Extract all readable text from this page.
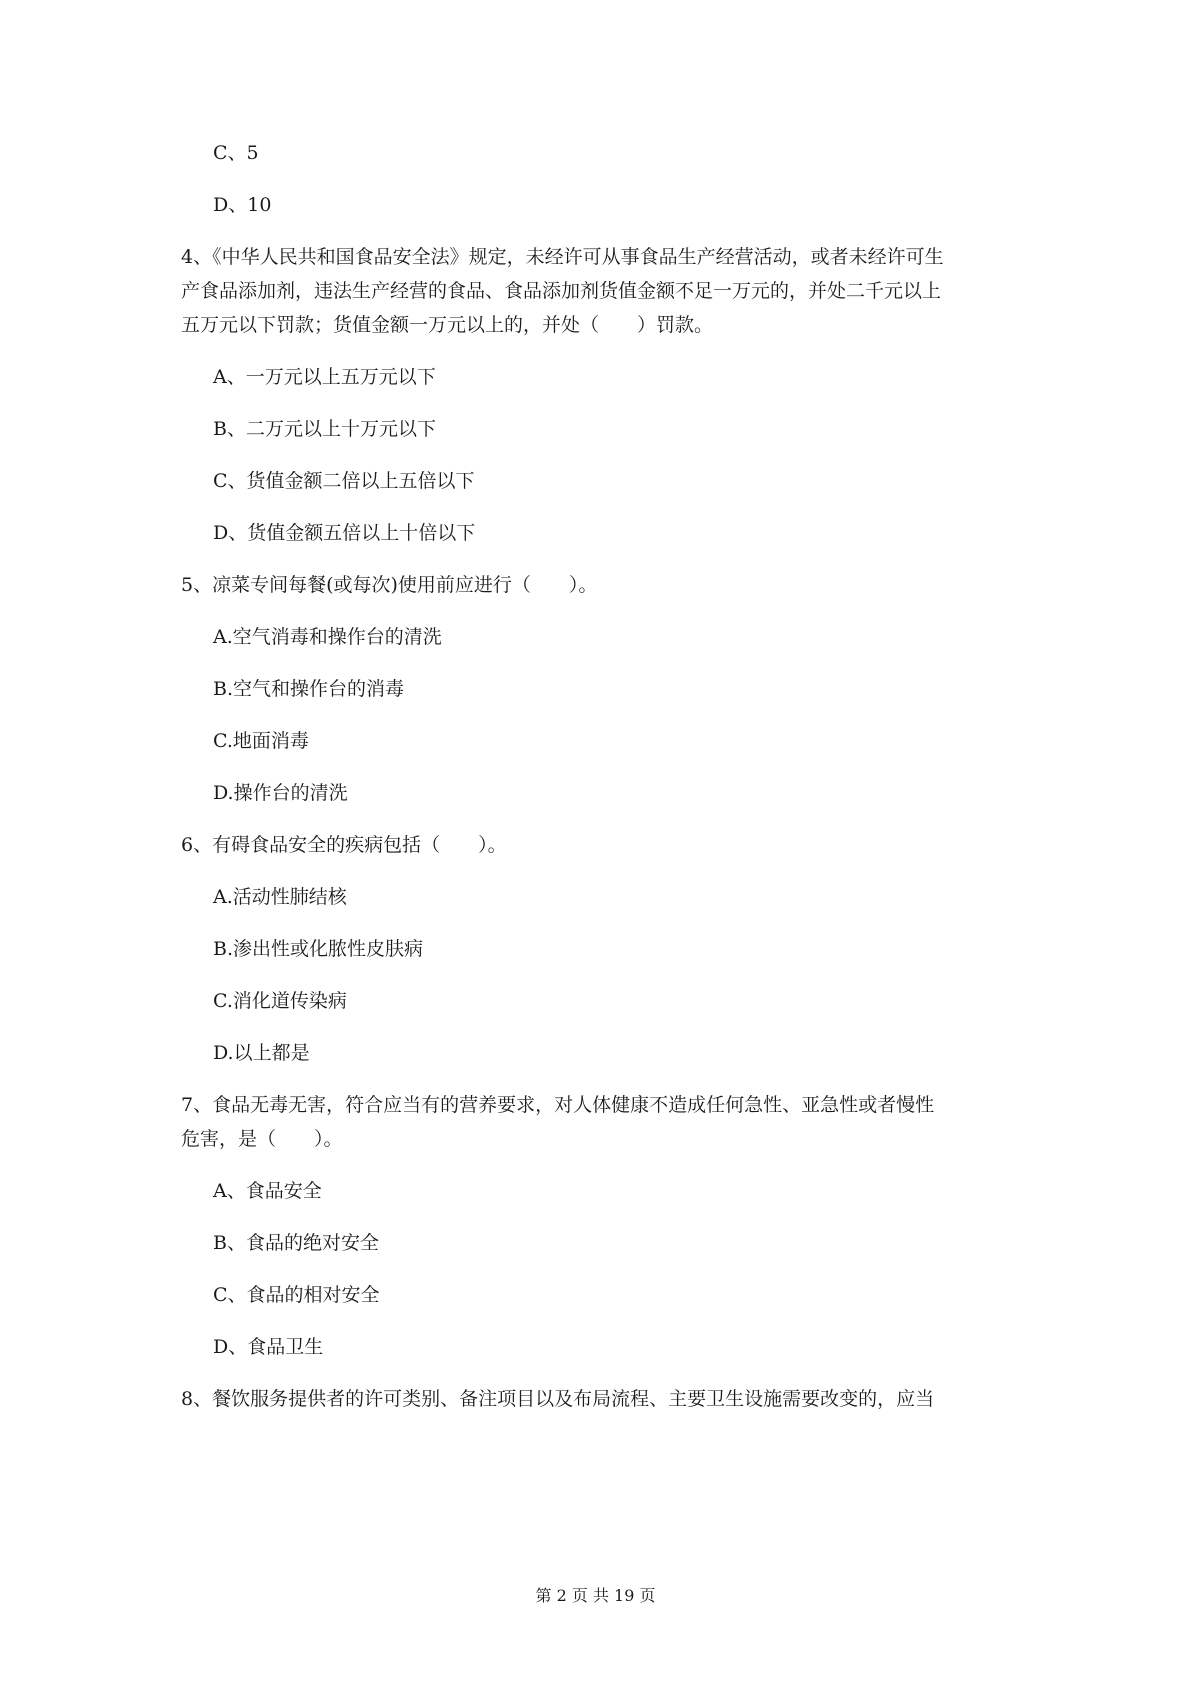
C、5
D、10
4、《中华人民共和国食品安全法》规定，未经许可从事食品生产经营活动，或者未经许可生
产食品添加剂，违法生产经营的食品、食品添加剂货值金额不足一万元的，并处二千元以上
五万元以下罚款；货值金额一万元以上的，并处（　　）罚款。
A、一万元以上五万元以下
B、二万元以上十万元以下
C、货值金额二倍以上五倍以下
D、货值金额五倍以上十倍以下
5、凉菜专间每餐(或每次)使用前应进行（　　）。
A.空气消毒和操作台的清洗
B.空气和操作台的消毒
C.地面消毒
D.操作台的清洗
6、有碍食品安全的疾病包括（　　）。
A.活动性肺结核
B.渗出性或化脓性皮肤病
C.消化道传染病
D.以上都是
7、食品无毒无害，符合应当有的营养要求，对人体健康不造成任何急性、亚急性或者慢性
危害，是（　　）。
A、食品安全
B、食品的绝对安全
C、食品的相对安全
D、食品卫生
8、餐饮服务提供者的许可类别、备注项目以及布局流程、主要卫生设施需要改变的，应当
第 2 页 共 19 页
